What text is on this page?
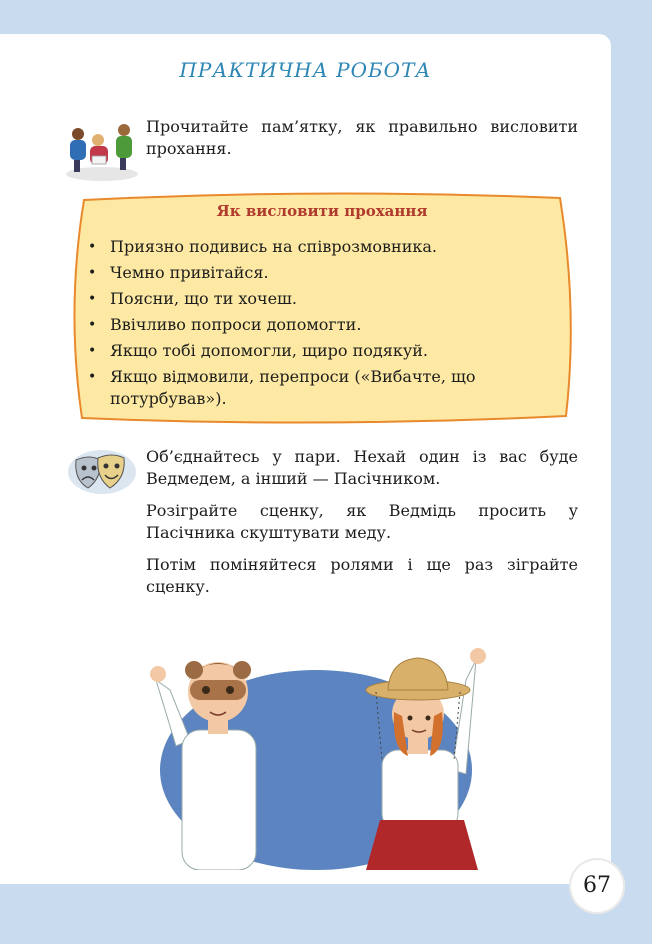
ПРАКТИЧНА РОБОТА
Прочитайте пам’ятку, як правильно висловити прохання.
Як висловити прохання
• Приязно подивись на співрозмовника.
• Чемно привітайся.
• Поясни, що ти хочеш.
• Ввічливо попроси допомогти.
• Якщо тобі допомогли, щиро подякуй.
• Якщо відмовили, перепроси («Вибачте, що потурбував»).
Об’єднайтесь у пари. Нехай один із вас буде Ведмедем, а інший — Пасічником.
Розіграйте сценку, як Ведмідь просить у Пасічника скуштувати меду.
Потім поміняйтеся ролями і ще раз зіграйте сценку.
67
